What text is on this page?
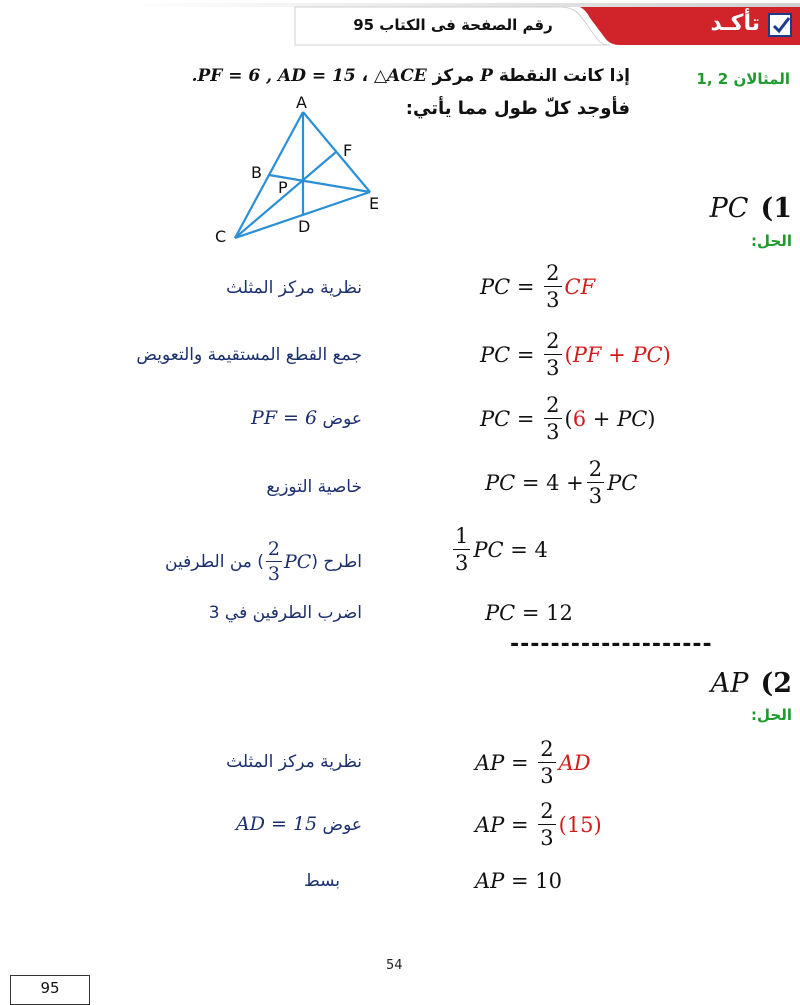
رقم الصفحة فى الكتاب 95	تأكـد
المثالان 2 ,1
إذا كانت النقطة P مركز △ACE ، .PF = 6 , AD = 15
فأوجد كلّ طول مما يأتي:
A
B
C
D
E
F
P
PC (1
الحل:
PC = $\frac{2}{3}$ CF
نظرية مركز المثلث
PC = $\frac{2}{3} (PF + PC)$
جمع القطع المستقيمة والتعويض
PC = $\frac{2}{3}$ ( 6 + PC )
عوض PF = 6
PC = $4 + \frac{2}{3}$ PC
خاصية التوزيع
$\frac{1}{3}$ PC = 4
اطرح (
$\frac{2}{3}$ PC
) من الطرفين
PC = 12
اضرب الطرفين في 3
--------------------
AP (2
الحل:
AP = $\frac{2}{3}$ AD
نظرية مركز المثلث
AP = $\frac{2}{3} (15)$
عوض AD = 15
AP = 10
بسط
54
95
